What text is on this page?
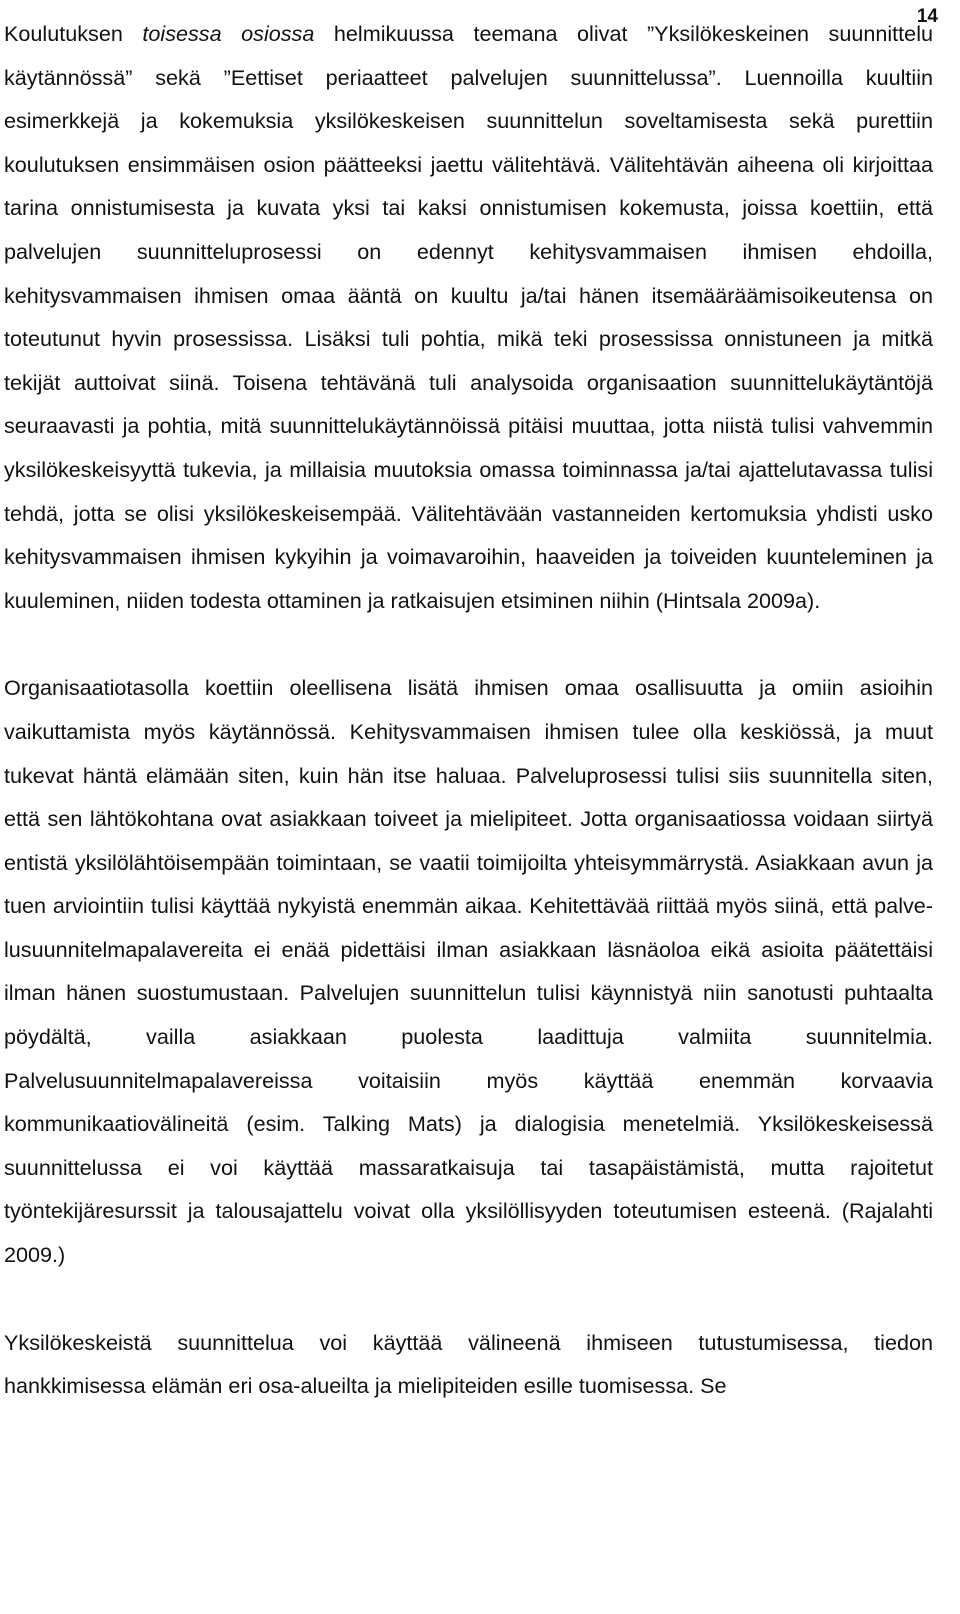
14

Koulutuksen toisessa osiossa helmikuussa teemana olivat ”Yksilökeskeinen suunnittelu käytännössä” sekä ”Eettiset periaatteet palvelujen suunnittelussa”. Luennoilla kuultiin esimerkkejä ja kokemuksia yksilökeskeisen suunnittelun soveltamisesta sekä purettiin koulutuksen ensimmäisen osion päätteeksi jaettu välitehtävä. Välitehtävän aiheena oli kirjoittaa tarina onnistumisesta ja kuvata yksi tai kaksi onnistumisen kokemusta, joissa koettiin, että palvelujen suunnitteluprosessi on edennyt kehitysvammaisen ihmisen ehdoilla, kehitysvammaisen ihmisen omaa ääntä on kuultu ja/tai hänen itsemääräämisoikeutensa on toteutunut hyvin prosessissa. Lisäksi tuli pohtia, mikä teki prosessissa onnistuneen ja mitkä tekijät auttoivat siinä. Toisena tehtävänä tuli analysoida organisaation suunnittelukäytäntöjä seuraavasti ja pohtia, mitä suunnittelukäytännöissä pitäisi muuttaa, jotta niistä tulisi vahvemmin yksilökeskeisyyttä tukevia, ja millaisia muutoksia omassa toiminnassa ja/tai ajattelutavassa tulisi tehdä, jotta se olisi yksilökeskeisempää. Välitehtävään vastanneiden kertomuksia yhdisti usko kehitysvammaisen ihmisen kykyihin ja voimavaroihin, haaveiden ja toiveiden kuunteleminen ja kuuleminen, niiden todesta ottaminen ja ratkaisujen etsiminen niihin (Hintsala 2009a).

Organisaatiotasolla koettiin oleellisena lisätä ihmisen omaa osallisuutta ja omiin asioihin vaikuttamista myös käytännössä. Kehitysvammaisen ihmisen tulee olla keskiössä, ja muut tukevat häntä elämään siten, kuin hän itse haluaa. Palveluprosessi tulisi siis suunnitella siten, että sen lähtökohtana ovat asiakkaan toiveet ja mielipiteet. Jotta organisaatiossa voidaan siirtyä entistä yksilölähtöisempään toimintaan, se vaatii toimijoilta yhteisymmärrystä. Asiakkaan avun ja tuen arviointiin tulisi käyttää nykyistä enemmän aikaa. Kehitettävää riittää myös siinä, että palvelusuunnitelmapalavereita ei enää pidettäisi ilman asiakkaan läsnäoloa eikä asioita päätettäisi ilman hänen suostumustaan. Palvelujen suunnittelun tulisi käynnistyä niin sanotusti puhtaalta pöydältä, vailla asiakkaan puolesta laadittuja valmiita suunnitelmia. Palvelusuunnitelmapalavereissa voitaisiin myös käyttää enemmän korvaavia kommunikaatiovälineitä (esim. Talking Mats) ja dialogisia menetelmiä. Yksilökeskeisessä suunnittelussa ei voi käyttää massaratkaisuja tai tasapäistämistä, mutta rajoitetut työntekijäresurssit ja talousajattelu voivat olla yksilöllisyyden toteutumisen esteenä. (Rajalahti 2009.)

Yksilökeskeistä suunnittelua voi käyttää välineenä ihmiseen tutustumisessa, tiedon hankkimisessa elämän eri osa-alueilta ja mielipiteiden esille tuomisessa. Se
